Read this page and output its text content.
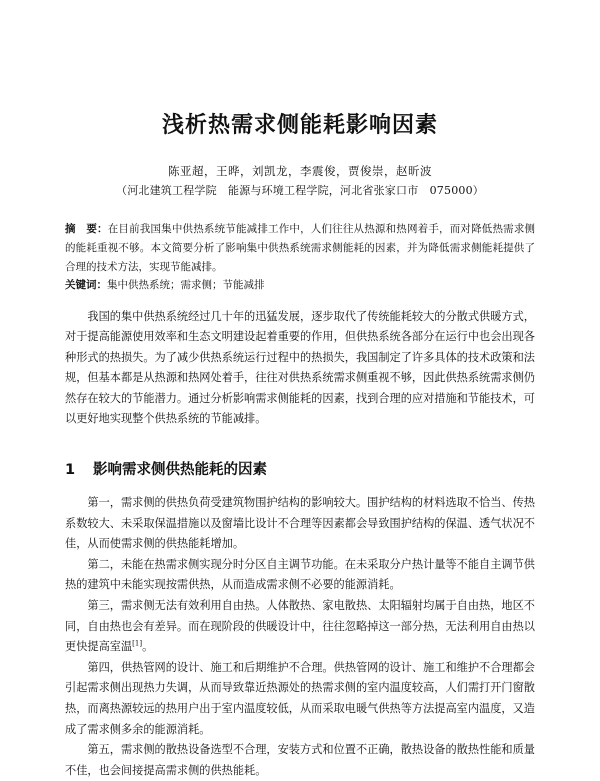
浅析热需求侧能耗影响因素
陈亚超，王晔，刘凯龙，李震俊，贾俊崇，赵昕波
（河北建筑工程学院　能源与环境工程学院，河北省张家口市　075000）
摘　要：在目前我国集中供热系统节能减排工作中，人们往往从热源和热网着手，而对降低热需求侧的能耗重视不够。本文简要分析了影响集中供热系统需求侧能耗的因素，并为降低需求侧能耗提供了合理的技术方法，实现节能减排。
关键词：集中供热系统；需求侧；节能减排
我国的集中供热系统经过几十年的迅猛发展，逐步取代了传统能耗较大的分散式供暖方式，对于提高能源使用效率和生态文明建设起着重要的作用，但供热系统各部分在运行中也会出现各种形式的热损失。为了减少供热系统运行过程中的热损失，我国制定了许多具体的技术政策和法规，但基本都是从热源和热网处着手，往往对供热系统需求侧重视不够，因此供热系统需求侧仍然存在较大的节能潜力。通过分析影响需求侧能耗的因素，找到合理的应对措施和节能技术，可以更好地实现整个供热系统的节能减排。
1 影响需求侧供热能耗的因素

第一，需求侧的供热负荷受建筑物围护结构的影响较大。围护结构的材料选取不恰当、传热系数较大、未采取保温措施以及窗墙比设计不合理等因素都会导致围护结构的保温、透气状况不佳，从而使需求侧的供热能耗增加。

第二，未能在热需求侧实现分时分区自主调节功能。在未采取分户热计量等不能自主调节供热的建筑中未能实现按需供热，从而造成需求侧不必要的能源消耗。

第三，需求侧无法有效利用自由热。人体散热、家电散热、太阳辐射均属于自由热，地区不同，自由热也会有差异。而在现阶段的供暖设计中，往往忽略掉这一部分热，无法利用自由热以更快提高室温[1]。

第四，供热管网的设计、施工和后期维护不合理。供热管网的设计、施工和维护不合理都会引起需求侧出现热力失调，从而导致靠近热源处的热需求侧的室内温度较高，人们需打开门窗散热，而离热源较远的热用户出于室内温度较低，从而采取电暖气供热等方法提高室内温度，又造成了需求侧多余的能源消耗。

第五，需求侧的散热设备选型不合理，安装方式和位置不正确，散热设备的散热性能和质量不佳，也会间接提高需求侧的供热能耗。
